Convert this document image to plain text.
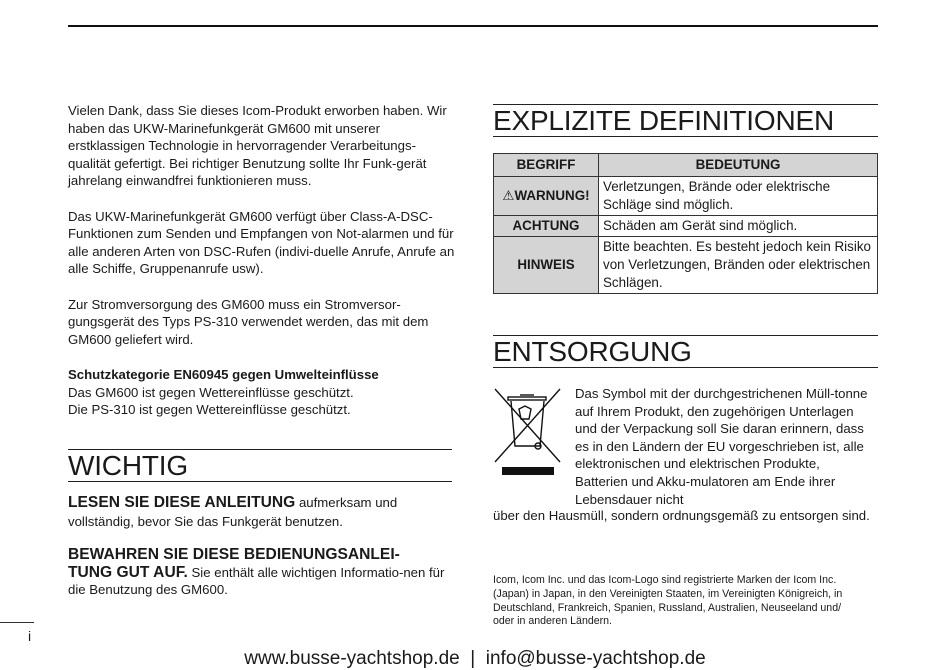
Vielen Dank, dass Sie dieses Icom-Produkt erworben haben. Wir haben das UKW-Marinefunkgerät GM600 mit unserer erstklassigen Technologie in hervorragender Verarbeitungs-qualität gefertigt. Bei richtiger Benutzung sollte Ihr Funk-gerät jahrelang einwandfrei funktionieren muss.

Das UKW-Marinefunkgerät GM600 verfügt über Class-A-DSC-Funktionen zum Senden und Empfangen von Not-alarmen und für alle anderen Arten von DSC-Rufen (indivi-duelle Anrufe, Anrufe an alle Schiffe, Gruppenanrufe usw).

Zur Stromversorgung des GM600 muss ein Stromversor-gungsgerät des Typs PS-310 verwendet werden, das mit dem GM600 geliefert wird.

Schutzkategorie EN60945 gegen Umwelteinflüsse

Das GM600 ist gegen Wettereinflüsse geschützt.

Die PS-310 ist gegen Wettereinflüsse geschützt.

WICHTIG
LESEN SIE DIESE ANLEITUNG aufmerksam und vollständig, bevor Sie das Funkgerät benutzen.
BEWAHREN SIE DIESE BEDIENUNGSANLEI-
TUNG GUT AUF. Sie enthält alle wichtigen Informatio-nen für die Benutzung des GM600.
EXPLIZITE DEFINITIONEN
BEGRIFF	BEDEUTUNG
⚠WARNUNG!	Verletzungen, Brände oder elektrische Schläge sind möglich.
ACHTUNG	Schäden am Gerät sind möglich.
HINWEIS	Bitte beachten. Es besteht jedoch kein Risiko von Verletzungen, Bränden oder elektrischen Schlägen.
ENTSORGUNG
Das Symbol mit der durchgestrichenen Müll-tonne auf Ihrem Produkt, den zugehörigen Unterlagen und der Verpackung soll Sie daran erinnern, dass es in den Ländern der EU vorgeschrieben ist, alle elektronischen und elektrischen Produkte, Batterien und Akku-mulatoren am Ende ihrer Lebensdauer nicht
über den Hausmüll, sondern ordnungsgemäß zu entsorgen sind.
Icom, Icom Inc. und das Icom-Logo sind registrierte Marken der Icom Inc. (Japan) in Japan, in den Vereinigten Staaten, im Vereinigten Königreich, in Deutschland, Frankreich, Spanien, Russland, Australien, Neuseeland und/ oder in anderen Ländern.
i
www.busse-yachtshop.de  |  info@busse-yachtshop.de
